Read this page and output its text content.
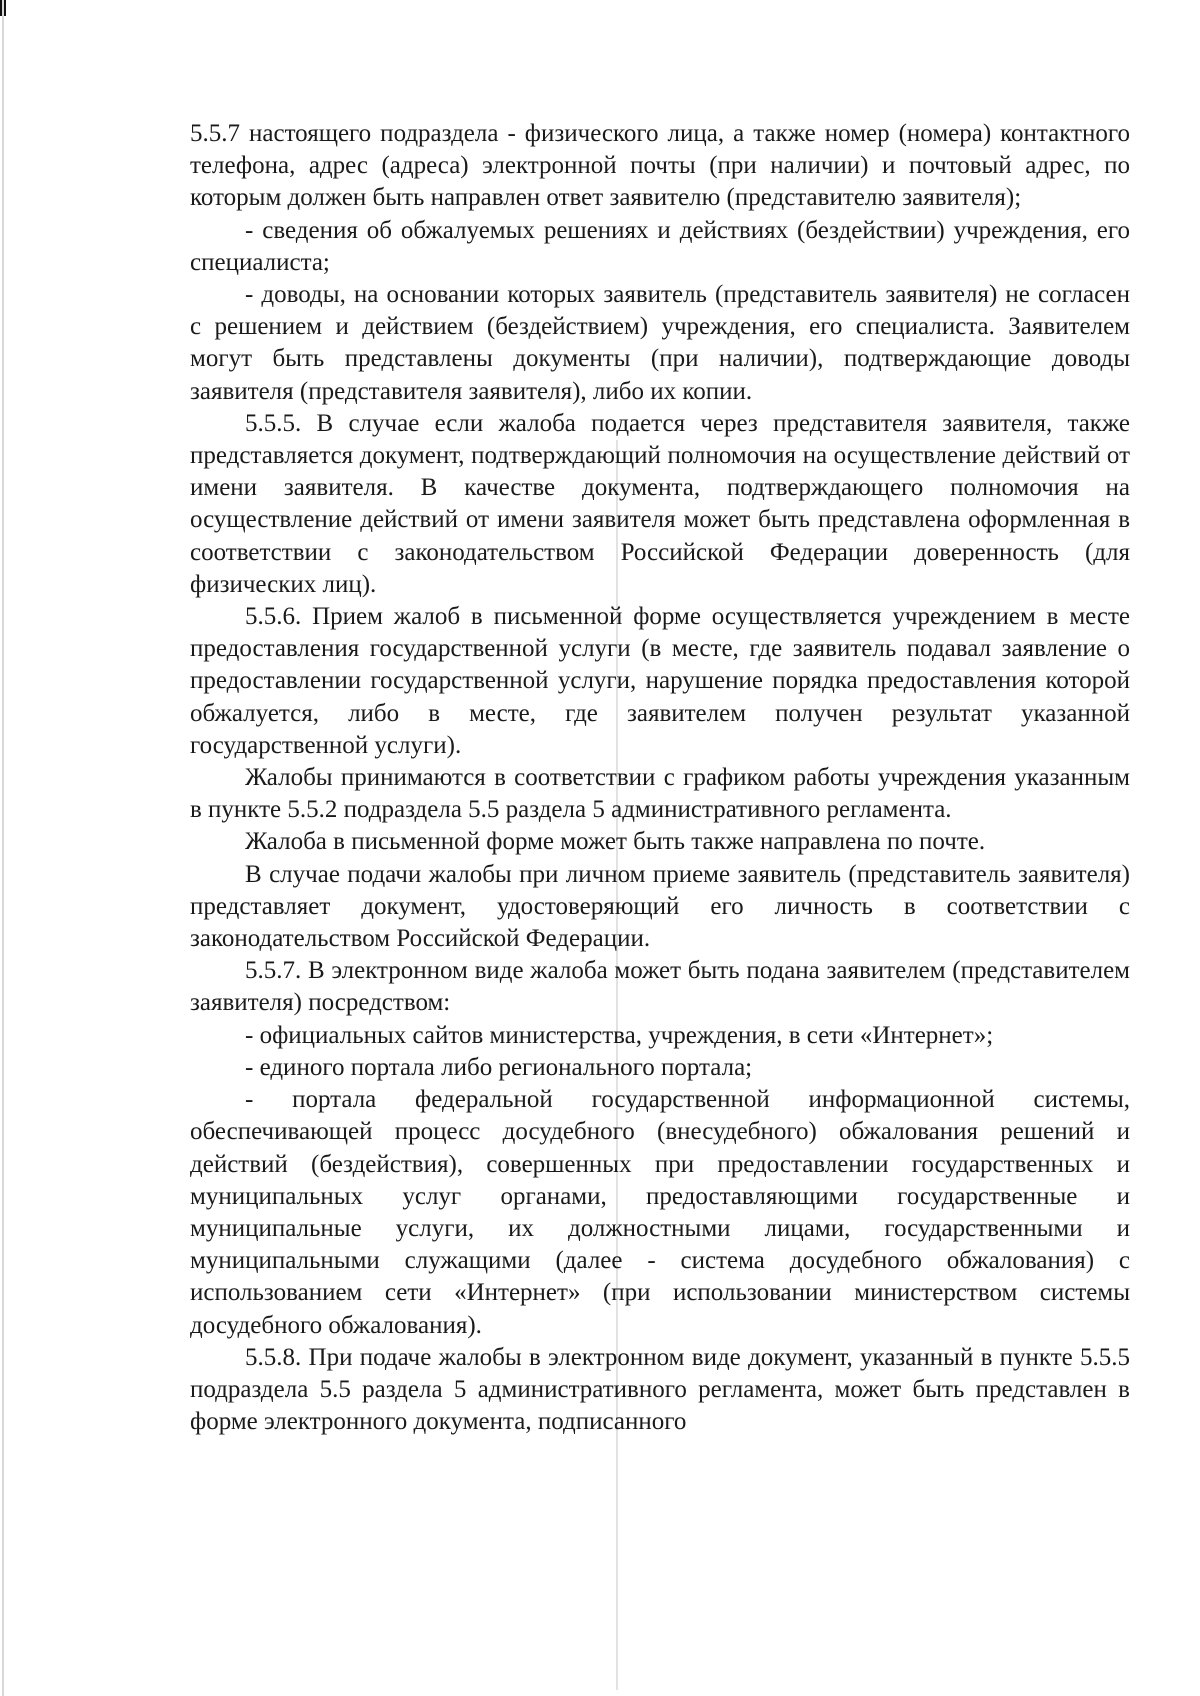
5.5.7 настоящего подраздела - физического лица, а также номер (номера) контактного телефона, адрес (адреса) электронной почты (при наличии) и почтовый адрес, по которым должен быть направлен ответ заявителю (представителю заявителя);

- сведения об обжалуемых решениях и действиях (бездействии) учреждения, его специалиста;

- доводы, на основании которых заявитель (представитель заявителя) не согласен с решением и действием (бездействием) учреждения, его специалиста. Заявителем могут быть представлены документы (при наличии), подтверждающие доводы заявителя (представителя заявителя), либо их копии.

5.5.5. В случае если жалоба подается через представителя заявителя, также представляется документ, подтверждающий полномочия на осуществление действий от имени заявителя. В качестве документа, подтверждающего полномочия на осуществление действий от имени заявителя может быть представлена оформленная в соответствии с законодательством Российской Федерации доверенность (для физических лиц).

5.5.6. Прием жалоб в письменной форме осуществляется учреждением в месте предоставления государственной услуги (в месте, где заявитель подавал заявление о предоставлении государственной услуги, нарушение порядка предоставления которой обжалуется, либо в месте, где заявителем получен результат указанной государственной услуги).

Жалобы принимаются в соответствии с графиком работы учреждения указанным в пункте 5.5.2 подраздела 5.5 раздела 5 административного регламента.

Жалоба в письменной форме может быть также направлена по почте.

В случае подачи жалобы при личном приеме заявитель (представитель заявителя) представляет документ, удостоверяющий его личность в соответствии с законодательством Российской Федерации.

5.5.7. В электронном виде жалоба может быть подана заявителем (представителем заявителя) посредством:

- официальных сайтов министерства, учреждения, в сети «Интернет»;

- единого портала либо регионального портала;

- портала федеральной государственной информационной системы, обеспечивающей процесс досудебного (внесудебного) обжалования решений и действий (бездействия), совершенных при предоставлении государственных и муниципальных услуг органами, предоставляющими государственные и муниципальные услуги, их должностными лицами, государственными и муниципальными служащими (далее - система досудебного обжалования) с использованием сети «Интернет» (при использовании министерством системы досудебного обжалования).

5.5.8. При подаче жалобы в электронном виде документ, указанный в пункте 5.5.5 подраздела 5.5 раздела 5 административного регламента, может быть представлен в форме электронного документа, подписанного
